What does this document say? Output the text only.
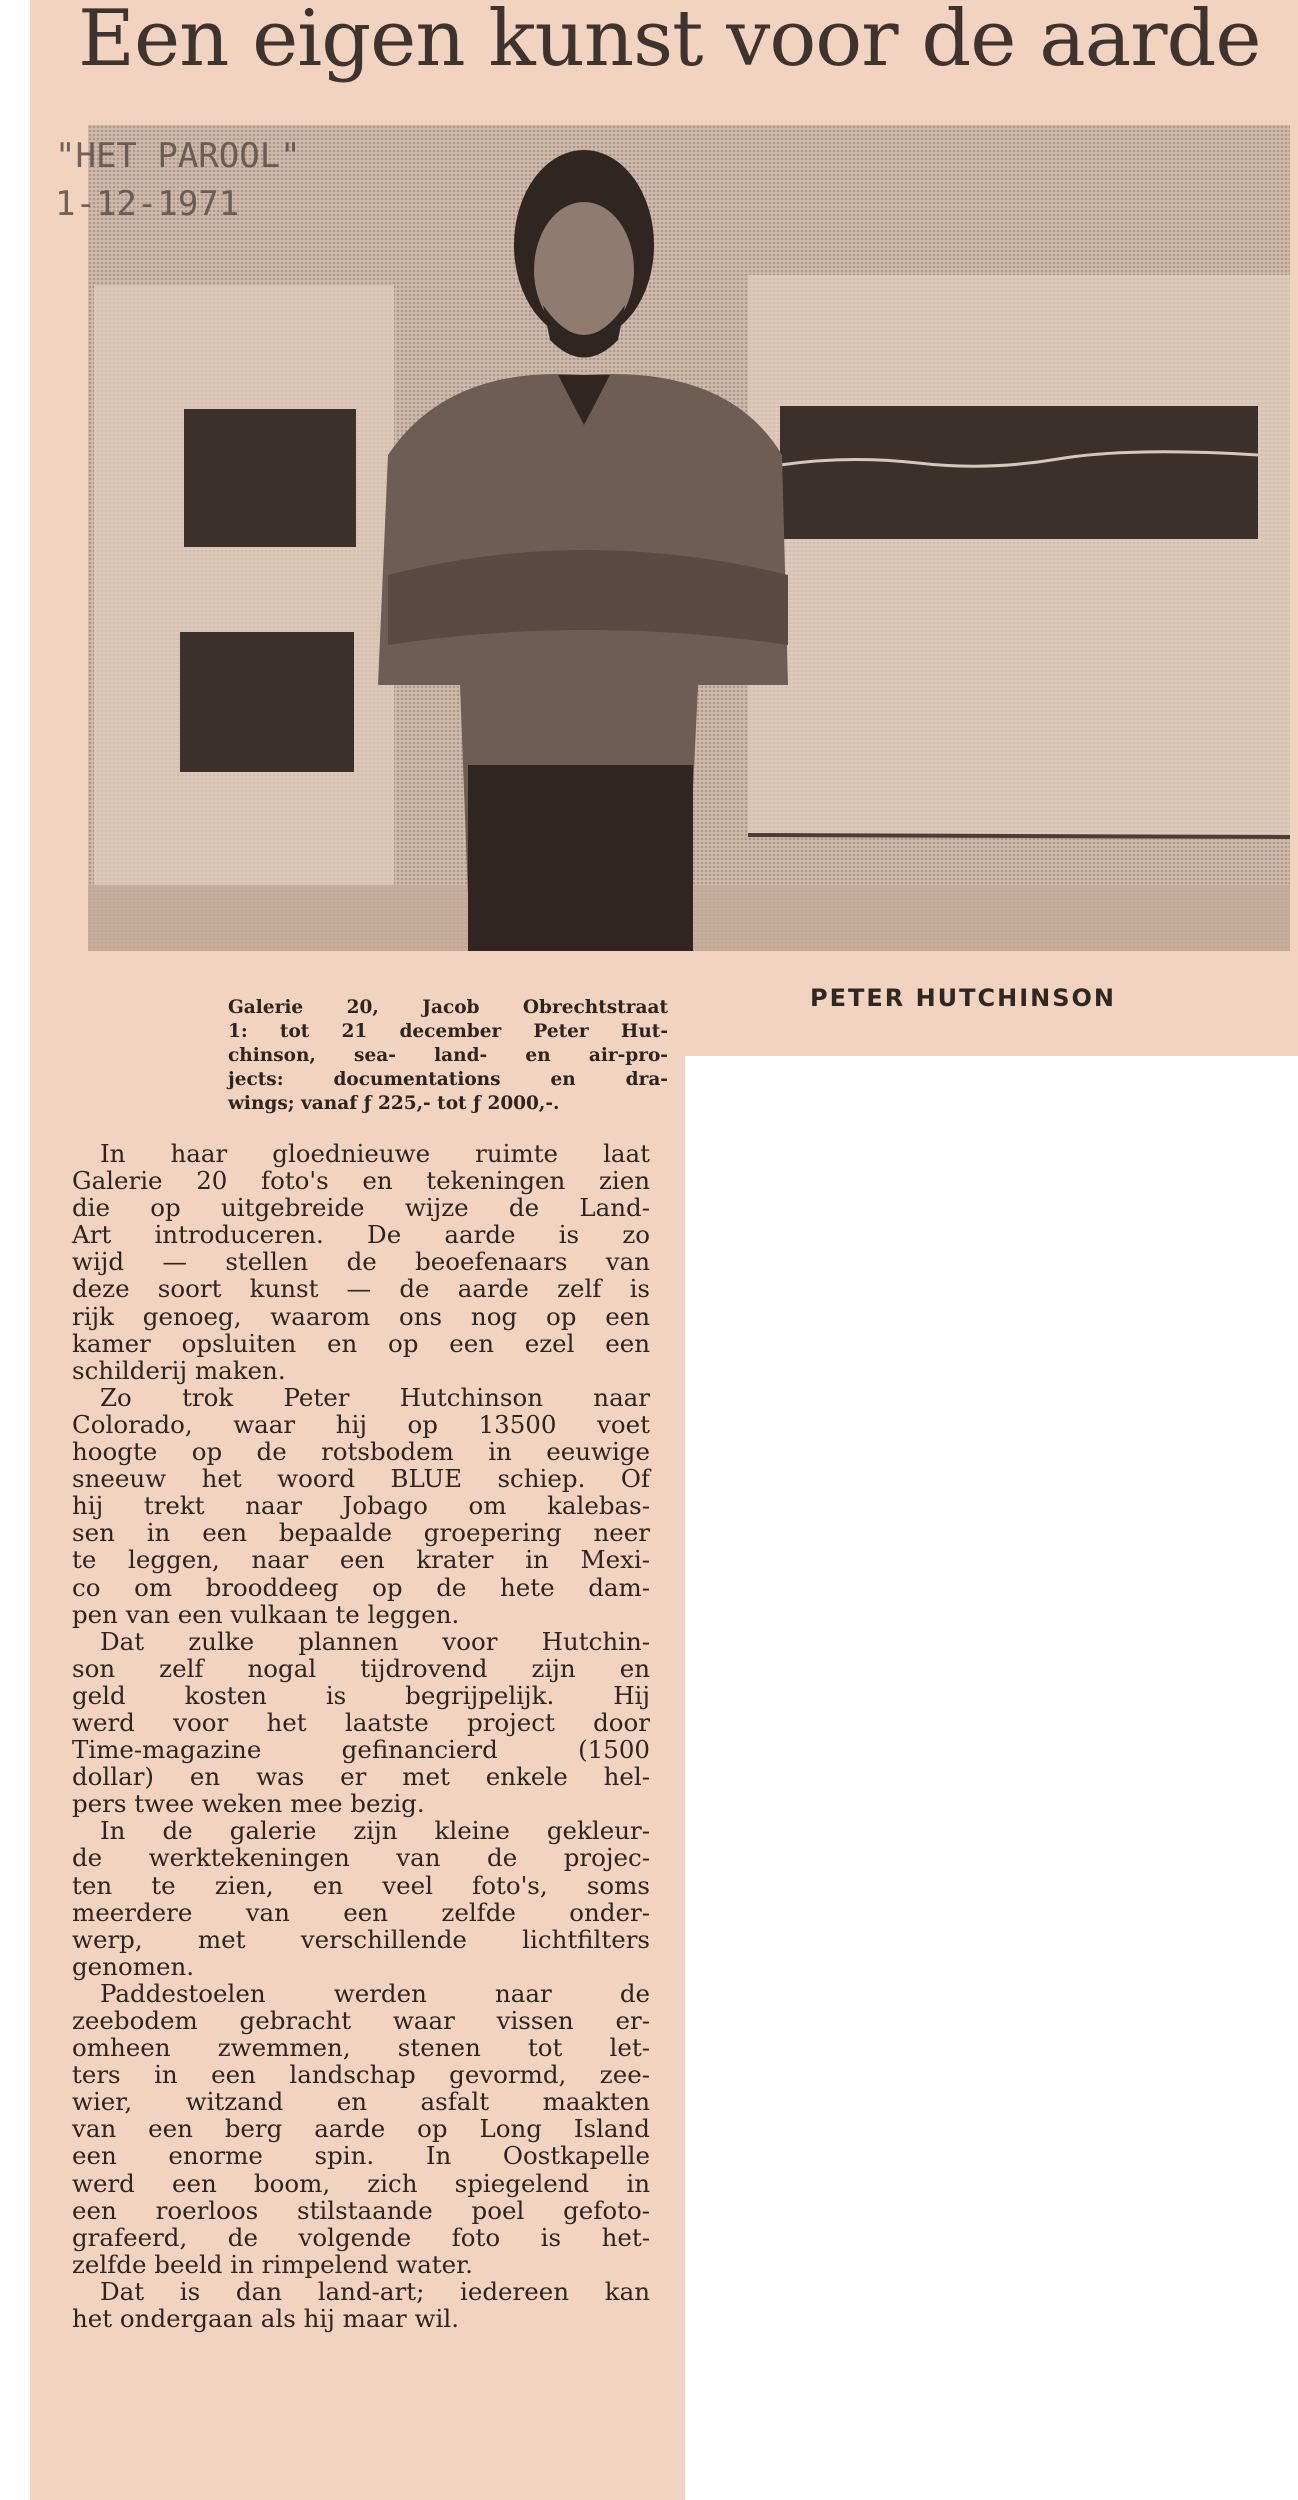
Een eigen kunst voor de aarde
"HET PAROOL"
1-12-1971
PETER HUTCHINSON
Galerie 20, Jacob Obrechtstraat
1: tot 21 december Peter Hut-
chinson, sea- land- en air-pro-
jects: documentations en dra-
wings; vanaf ƒ 225,- tot ƒ 2000,-.
In haar gloednieuwe ruimte laat
Galerie 20 foto's en tekeningen zien
die op uitgebreide wijze de Land-
Art introduceren. De aarde is zo
wijd — stellen de beoefenaars van
deze soort kunst — de aarde zelf is
rijk genoeg, waarom ons nog op een
kamer opsluiten en op een ezel een
schilderij maken.
Zo trok Peter Hutchinson naar
Colorado, waar hij op 13500 voet
hoogte op de rotsbodem in eeuwige
sneeuw het woord BLUE schiep. Of
hij trekt naar Jobago om kalebas-
sen in een bepaalde groepering neer
te leggen, naar een krater in Mexi-
co om brooddeeg op de hete dam-
pen van een vulkaan te leggen.
Dat zulke plannen voor Hutchin-
son zelf nogal tijdrovend zijn en
geld kosten is begrijpelijk. Hij
werd voor het laatste project door
Time-magazine gefinancierd (1500
dollar) en was er met enkele hel-
pers twee weken mee bezig.
In de galerie zijn kleine gekleur-
de werktekeningen van de projec-
ten te zien, en veel foto's, soms
meerdere van een zelfde onder-
werp, met verschillende lichtfilters
genomen.
Paddestoelen werden naar de
zeebodem gebracht waar vissen er-
omheen zwemmen, stenen tot let-
ters in een landschap gevormd, zee-
wier, witzand en asfalt maakten
van een berg aarde op Long Island
een enorme spin. In Oostkapelle
werd een boom, zich spiegelend in
een roerloos stilstaande poel gefoto-
grafeerd, de volgende foto is het-
zelfde beeld in rimpelend water.
Dat is dan land-art; iedereen kan
het ondergaan als hij maar wil.
